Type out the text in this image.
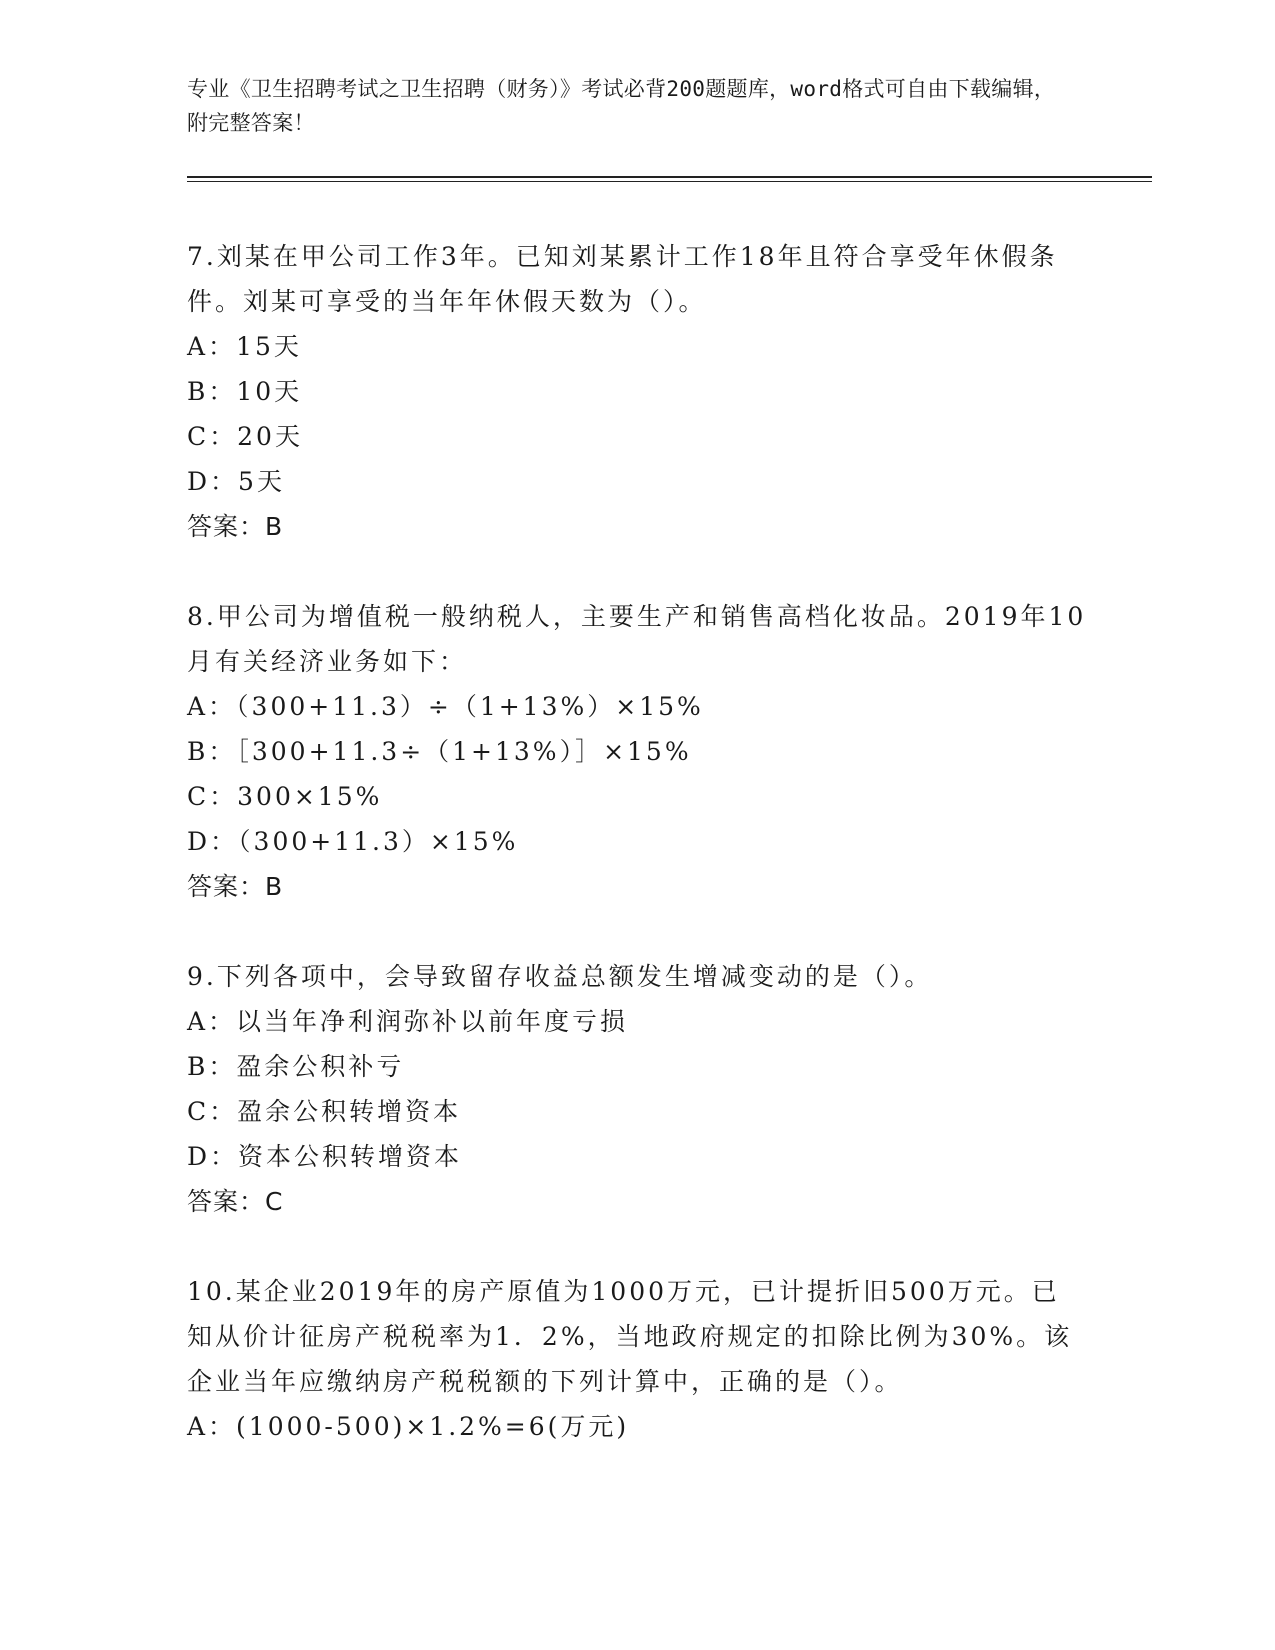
专业《卫生招聘考试之卫生招聘（财务）》考试必背200题题库，word格式可自由下载编辑，附完整答案！

7.刘某在甲公司工作3年。已知刘某累计工作18年且符合享受年休假条件。刘某可享受的当年年休假天数为（）。

A：15天

B：10天

C：20天

D：5天

答案：B

8.甲公司为增值税一般纳税人，主要生产和销售高档化妆品。2019年10月有关经济业务如下：

A：（300+11.3）÷（1+13%）×15%

B：［300+11.3÷（1+13%）］×15%

C：300×15%

D：（300+11.3）×15%

答案：B

9.下列各项中，会导致留存收益总额发生增减变动的是（）。

A：以当年净利润弥补以前年度亏损

B：盈余公积补亏

C：盈余公积转增资本

D：资本公积转增资本

答案：C

10.某企业2019年的房产原值为1000万元，已计提折旧500万元。已知从价计征房产税税率为1．2%，当地政府规定的扣除比例为30%。该企业当年应缴纳房产税税额的下列计算中，正确的是（）。

A：(1000-500)×1.2%=6(万元)
